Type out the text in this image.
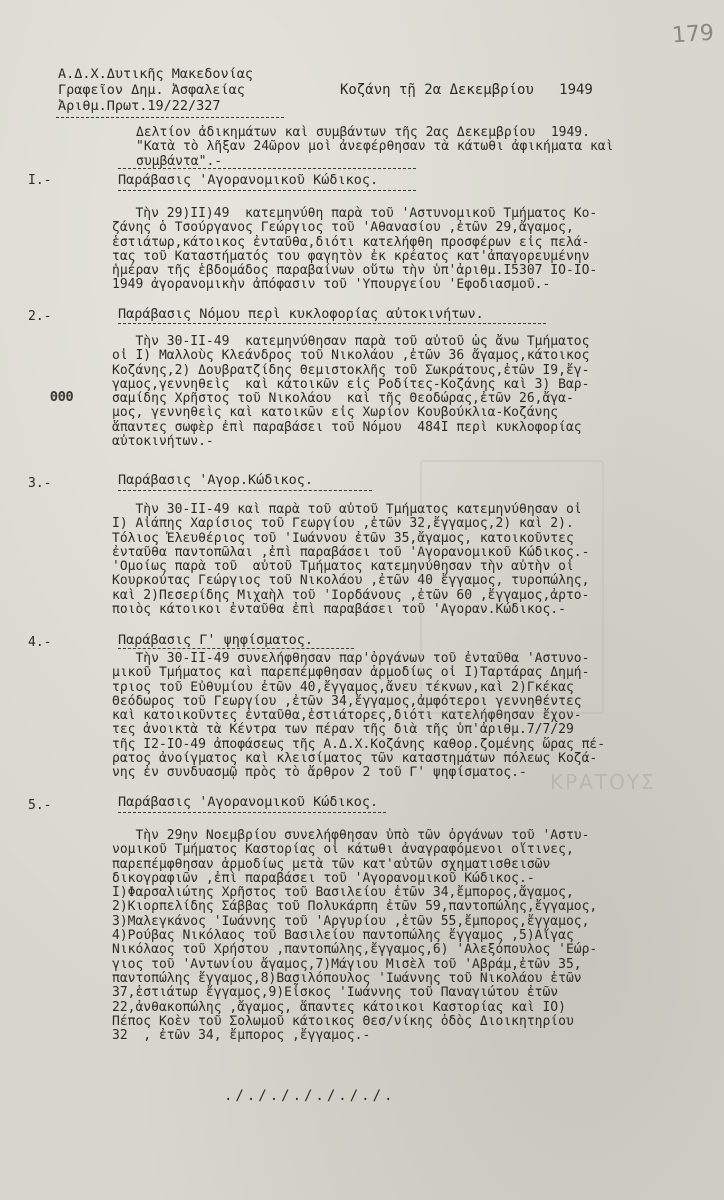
179
Α.Δ.Χ.Δυτικῆς Μακεδονίας
Γραφεῖον Δημ. Ἀσφαλείας
Ἀριθμ.Πρωτ.19/22/327
Κοζάνη τῇ 2α Δεκεμβρίου   1949
Δελτίον ἀδικημάτων καὶ συμβάντων τῆς 2ας Δεκεμβρίου  1949.
"Κατὰ τὸ λῆξαν 24ῶρον μοὶ ἀνεφέρθησαν τὰ κάτωθι ἀφικήματα καὶ
συμβάντα".-
I.-	Παράβασις 'Αγορανομικοῦ Κώδικος.
Τὴν 29)II)49  κατεμηνύθη παρὰ τοῦ 'Αστυνομικοῦ Τμήματος Κο-
ζάνης ὁ Τσούργανος Γεώργιος τοῦ 'Αθανασίου ,ἐτῶν 29,ἄγαμος,
ἑστιάτωρ,κάτοικος ἐνταῦθα,διότι κατελήφθη προσφέρων εἰς πελά-
τας τοῦ Καταστήματός του φαγητὸν ἐκ κρέατος κατ'ἀπαγορευμένην
ἡμέραν τῆς ἑβδομάδος παραβαίνων οὕτω τὴν ὑπ'ἀριθμ.I5307 IO-IO-
1949 ἀγορανομικὴν ἀπόφασιν τοῦ 'Υπουργείου 'Εφοδιασμοῦ.-
2.-	Παράβασις Νόμου περὶ κυκλοφορίας αὐτοκινήτων.
ΘΘΘ
Τὴν 30-II-49  κατεμηνύθησαν παρὰ τοῦ αὐτοῦ ὡς ἄνω Τμήματος
οἱ I) Μαλλοὺς Κλεάνδρος τοῦ Νικολάου ,ἐτῶν 36 ἄγαμος,κάτοικος
Κοζάνης,2) Δουβρατζίδης Θεμιστοκλῆς τοῦ Σωκράτους,ἐτῶν I9,ἔγ-
γαμος,γεννηθεὶς  καὶ κάτοικῶν εἰς Ροδίτες-Κοζάνης καὶ 3) Βαρ-
σαμίδης Χρῆστος τοῦ Νικολάου  καὶ τῆς Θεοδώρας,ἐτῶν 26,ἄγα-
μος, γεννηθεὶς καὶ κατοικῶν εἰς Χωρίον Κουβούκλια-Κοζάνης
ἅπαντες σωφὲρ ἐπὶ παραβάσει τοῦ Νόμου  484I περὶ κυκλοφορίας
αὐτοκινήτων.-
3.-	Παράβασις 'Αγορ.Κώδικος.
Τὴν 30-II-49 καὶ παρὰ τοῦ αὐτοῦ Τμήματος κατεμηνύθησαν οἱ
I) Αἰάπης Χαρίσιος τοῦ Γεωργίου ,ἐτῶν 32,ἔγγαμος,2) καὶ 2).
Τόλιος Ἐλευθέριος τοῦ 'Ιωάννου ἐτῶν 35,ἄγαμος, κατοικοῦντες
ἐνταῦθα παντοπῶλαι ,ἐπὶ παραβάσει τοῦ 'Αγορανομικοῦ Κώδικος.-
'Ομοίως παρὰ τοῦ  αὐτοῦ Τμήματος κατεμηνύθησαν τὴν αὐτὴν οἱ
Κουρκούτας Γεώργιος τοῦ Νικολάου ,ἐτῶν 40 ἔγγαμος, τυροπώλης,
καὶ 2)Πεσερίδης Μιχαὴλ τοῦ 'Ιορδάνους ,ἐτῶν 60 ,ἔγγαμος,ἀρτο-
ποιὸς κάτοικοι ἐνταῦθα ἐπὶ παραβάσει τοῦ 'Αγοραν.Κώδικος.-
4.-	Παράβασις Γ' ψηφίσματος.
Τὴν 30-II-49 συνελήφθησαν παρ'ὀργάνων τοῦ ἐνταῦθα 'Αστυνο-
μικοῦ Τμήματος καὶ παρεπέμφθησαν ἁρμοδίως οἱ I)Ταρτάρας Δημή-
τριος τοῦ Εὐθυμίου ἐτῶν 40,ἔγγαμος,ἄνευ τέκνων,καὶ 2)Γκέκας
Θεόδωρος τοῦ Γεωργίου ,ἐτῶν 34,ἔγγαμος,ἀμφότεροι γεννηθέντες
καὶ κατοικοῦντες ἐνταῦθα,ἑστιάτορες,διότι κατελήφθησαν ἔχον-
τες ἀνοικτὰ τὰ Κέντρα των πέραν τῆς διὰ τῆς ὑπ'ἀριθμ.7/7/29
τῆς I2-IO-49 ἀποφάσεως τῆς Α.Δ.Χ.Κοζάνης καθορ.ζομένης ὥρας πέ-
ρατος ἀνοίγματος καὶ κλεισίματος τῶν καταστημάτων πόλεως Κοζά-
νης ἐν συνδυασμῷ πρὸς τὸ ἄρθρον 2 τοῦ Γ' ψηφίσματος.-
5.-	Παράβασις 'Αγορανομικοῦ Κώδικος.
Τὴν 29ην Νοεμβρίου συνελήφθησαν ὑπὸ τῶν ὀργάνων τοῦ 'Αστυ-
νομικοῦ Τμήματος Καστορίας οἱ κάτωθι ἀναγραφόμενοι οἵτινες,
παρεπέμφθησαν ἁρμοδίως μετὰ τῶν κατ'αὐτῶν σχηματισθεισῶν
δικογραφιῶν ,ἐπὶ παραβάσει τοῦ 'Αγορανομικοῦ Κώδικος.-
I)Φαρσαλιώτης Χρῆστος τοῦ Βασιλείου ἐτῶν 34,ἔμπορος,ἄγαμος,
2)Κιορπελίδης Σάββας τοῦ Πολυκάρπη ἐτῶν 59,παντοπώλης,ἔγγαμος,
3)Μαλεγκάνος 'Ιωάννης τοῦ 'Αργυρίου ,ἐτῶν 55,ἔμπορος,ἔγγαμος,
4)Ρούβας Νικόλαος τοῦ Βασιλείου παντοπώλης ἔγγαμος ,5)Αἴγας
Νικόλαος τοῦ Χρήστου ,παντοπώλης,ἔγγαμος,6) 'Αλεξόπουλος 'Εώρ-
γιος τοῦ 'Αντωνίου ἄγαμος,7)Μάγιου Μισὲλ τοῦ 'Αβράμ,ἐτῶν 35,
παντοπώλης ἔγγαμος,8)Βασιλόπουλος 'Ιωάννης τοῦ Νικολάου ἐτῶν
37,ἑστιάτωρ ἔγγαμος,9)Εἶσκος 'Ιωάννης τοῦ Παναγιώτου ἐτῶν
22,ἀνθακοπώλης ,ἄγαμος, ἅπαντες κάτοικοι Καστορίας καὶ IO)
Πέπος Κοὲν τοῦ Σολωμοῦ κάτοικος Θεσ/νίκης ὁδὸς Διοικητηρίου
32  , ἐτῶν 34, ἔμπορος ,ἔγγαμος.-
ΚΡΑΤΟΥΣ
./././././././.
